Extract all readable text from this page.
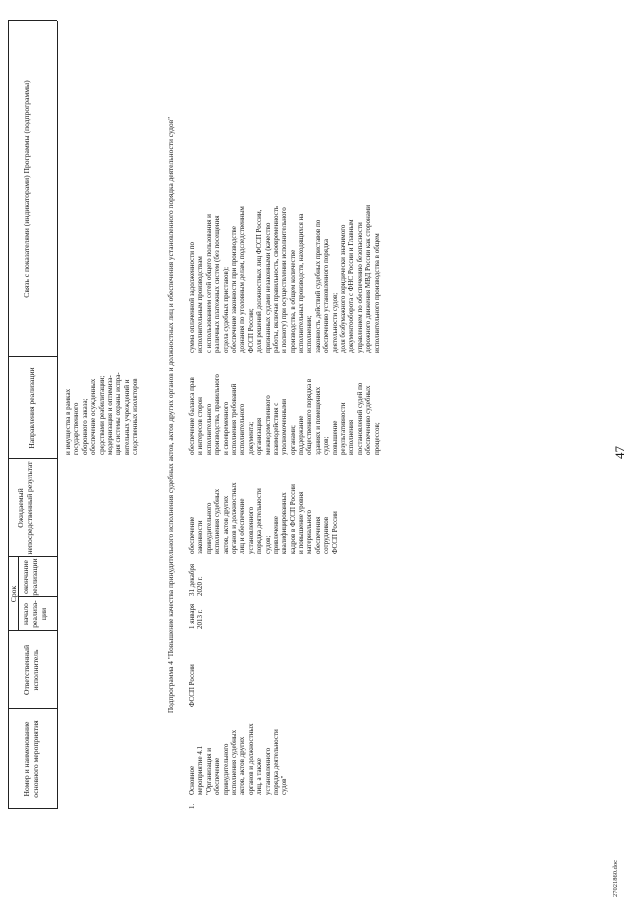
47
27021860.doc
Номер и наименование основного мероприятия
Ответственный исполнитель
Срок
начало реализа-ции
окончание реализации
Ожидаемый непосредственный результат
Направления реализации
Связь с показателями (индикаторами) Программы (подпрограммы)
и имущества в рамках
государственного
оборонного заказа;
обеспечение осужденных
средствами реабилитации;
модернизация и оптимиза-
ция системы охраны испра-
вительных учреждений и
следственных изоляторов	Подпрограмма 4 "Повышение качества принудительного исполнения судебных актов, актов других органов и должностных лиц и обеспечения установленного порядка деятельности судов"
1.
Основное
мероприятие 4.1
"Организация и
обеспечение
принудительного
исполнения судебных
актов, актов других
органов и должностных
лиц, а также
установленного
порядка деятельности
судов"
ФССП России
1 января
2013 г.
31 декабря
2020 г.
обеспечение
законности
принудительного
исполнения судебных
актов, актов других
органов и должностных
лиц и обеспечение
установленного
порядка деятельности
судов;
привлечение
квалифицированных
кадров в ФССП России
и повышение уровня
материального
обеспечения
сотрудников
ФССП России
обеспечение баланса прав
и интересов сторон
исполнительного
производства, правильного
и своевременного
исполнения требований
исполнительного
документа;
организация
межведомственного
взаимодействия с
уполномоченными
органами;
поддержание
общественного порядка в
зданиях и помещениях
судов;
повышение
результативности
исполнения
постановлений судей по
обеспечению судебных
процессов;
сумма оплаченной задолженности по
исполнительным производствам
с использованием сетей общего пользования и
различных платежных систем (без посещения
отдела судебных приставов);
обеспечение законности при производстве
дознания по уголовным делам, подследственным
ФССП России;
доля решений должностных лиц ФССП России,
признанных судами незаконными (качество
работы, включая правильность, своевременность
и полноту) при осуществлении исполнительного
производства, в общем количестве
исполнительных производств, находящихся на
исполнении;
законность действий судебных приставов по
обеспечению установленного порядка
деятельности судов;
доля безбумажного юридически значимого
документооборота с ФНС России и Главным
управлением по обеспечению безопасности
дорожного движения МВД России как сторонами
исполнительного производства в общем
